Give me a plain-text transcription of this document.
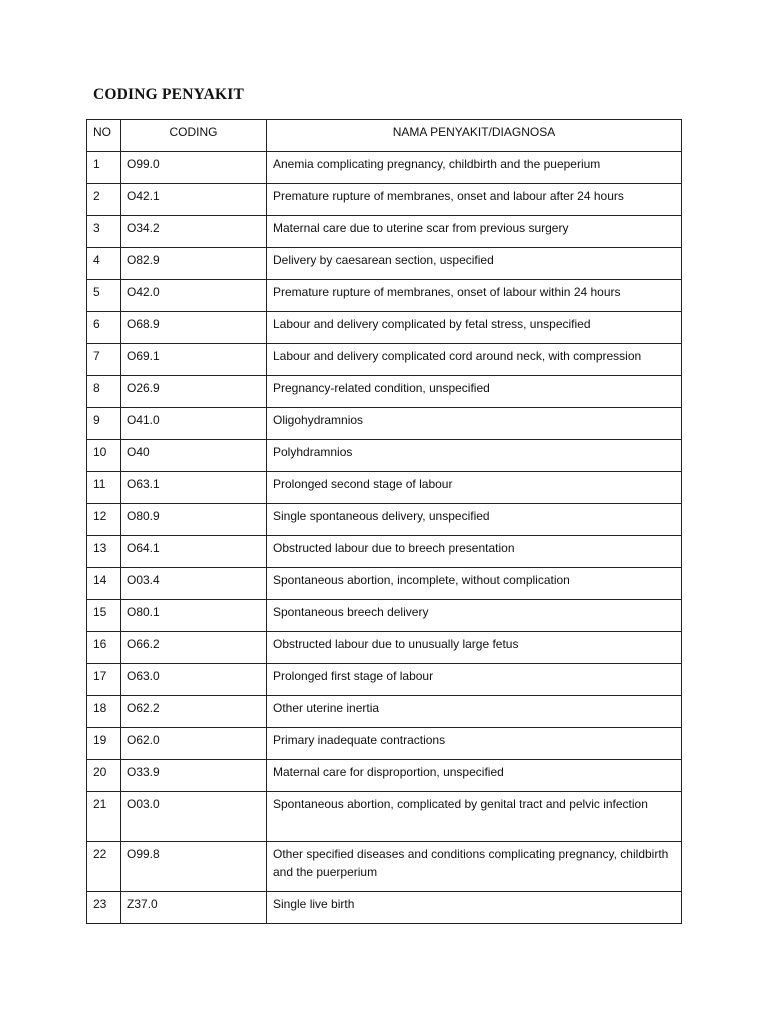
CODING PENYAKIT
NO	CODING	NAMA PENYAKIT/DIAGNOSA
1	O99.0	Anemia complicating pregnancy, childbirth and the pueperium
2	O42.1	Premature rupture of membranes, onset and labour after 24 hours
3	O34.2	Maternal care due to uterine scar from previous surgery
4	O82.9	Delivery by caesarean section, uspecified
5	O42.0	Premature rupture of membranes, onset of labour within 24 hours
6	O68.9	Labour and delivery complicated by fetal stress, unspecified
7	O69.1	Labour and delivery complicated cord around neck, with compression
8	O26.9	Pregnancy-related condition, unspecified
9	O41.0	Oligohydramnios
10	O40	Polyhdramnios
11	O63.1	Prolonged second stage of labour
12	O80.9	Single spontaneous delivery, unspecified
13	O64.1	Obstructed labour due to breech presentation
14	O03.4	Spontaneous abortion, incomplete, without complication
15	O80.1	Spontaneous breech delivery
16	O66.2	Obstructed labour due to unusually large fetus
17	O63.0	Prolonged first stage of labour
18	O62.2	Other uterine inertia
19	O62.0	Primary inadequate contractions
20	O33.9	Maternal care for disproportion, unspecified
21	O03.0	Spontaneous abortion, complicated by genital tract and pelvic infection
22	O99.8	Other specified diseases and conditions complicating pregnancy, childbirth and the puerperium
23	Z37.0	Single live birth
